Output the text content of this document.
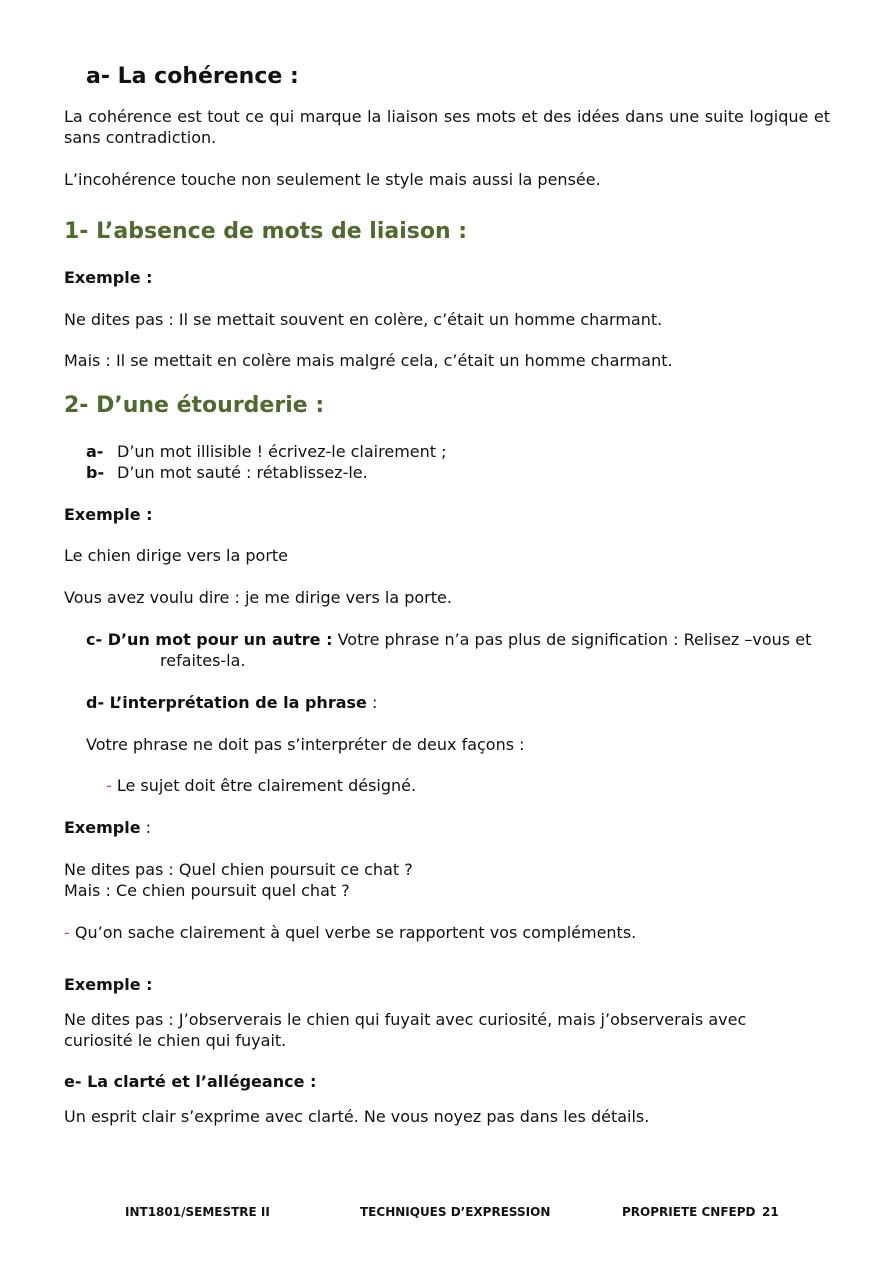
a- La cohérence :

La cohérence est tout ce qui marque la liaison ses mots et des idées dans une suite logique et sans contradiction.

L’incohérence touche non seulement le style mais aussi la pensée.

1- L’absence de mots de liaison :

Exemple :

Ne dites pas : Il se mettait souvent en colère, c’était un homme charmant.

Mais : Il se mettait en colère mais malgré cela, c’était un homme charmant.

2- D’une étourderie :
a- D’un mot illisible ! écrivez-le clairement ;
b- D’un mot sauté : rétablissez-le.

Exemple :

Le chien dirige vers la porte

Vous avez voulu dire : je me dirige vers la porte.

c- D’un mot pour un autre : Votre phrase n’a pas plus de signification : Relisez –vous et

refaites-la.

d- L’interprétation de la phrase :

Votre phrase ne doit pas s’interpréter de deux façons :

- Le sujet doit être clairement désigné.

Exemple :

Ne dites pas : Quel chien poursuit ce chat ?

Mais : Ce chien poursuit quel chat ?

- Qu’on sache clairement à quel verbe se rapportent vos compléments.

Exemple :

Ne dites pas : J’observerais le chien qui fuyait avec curiosité, mais j’observerais avec curiosité le chien qui fuyait.

e- La clarté et l’allégeance :

Un esprit clair s’exprime avec clarté. Ne vous noyez pas dans les détails.

INT1801/SEMESTRE II	TECHNIQUES D’EXPRESSION	PROPRIETE CNFEPD 21
